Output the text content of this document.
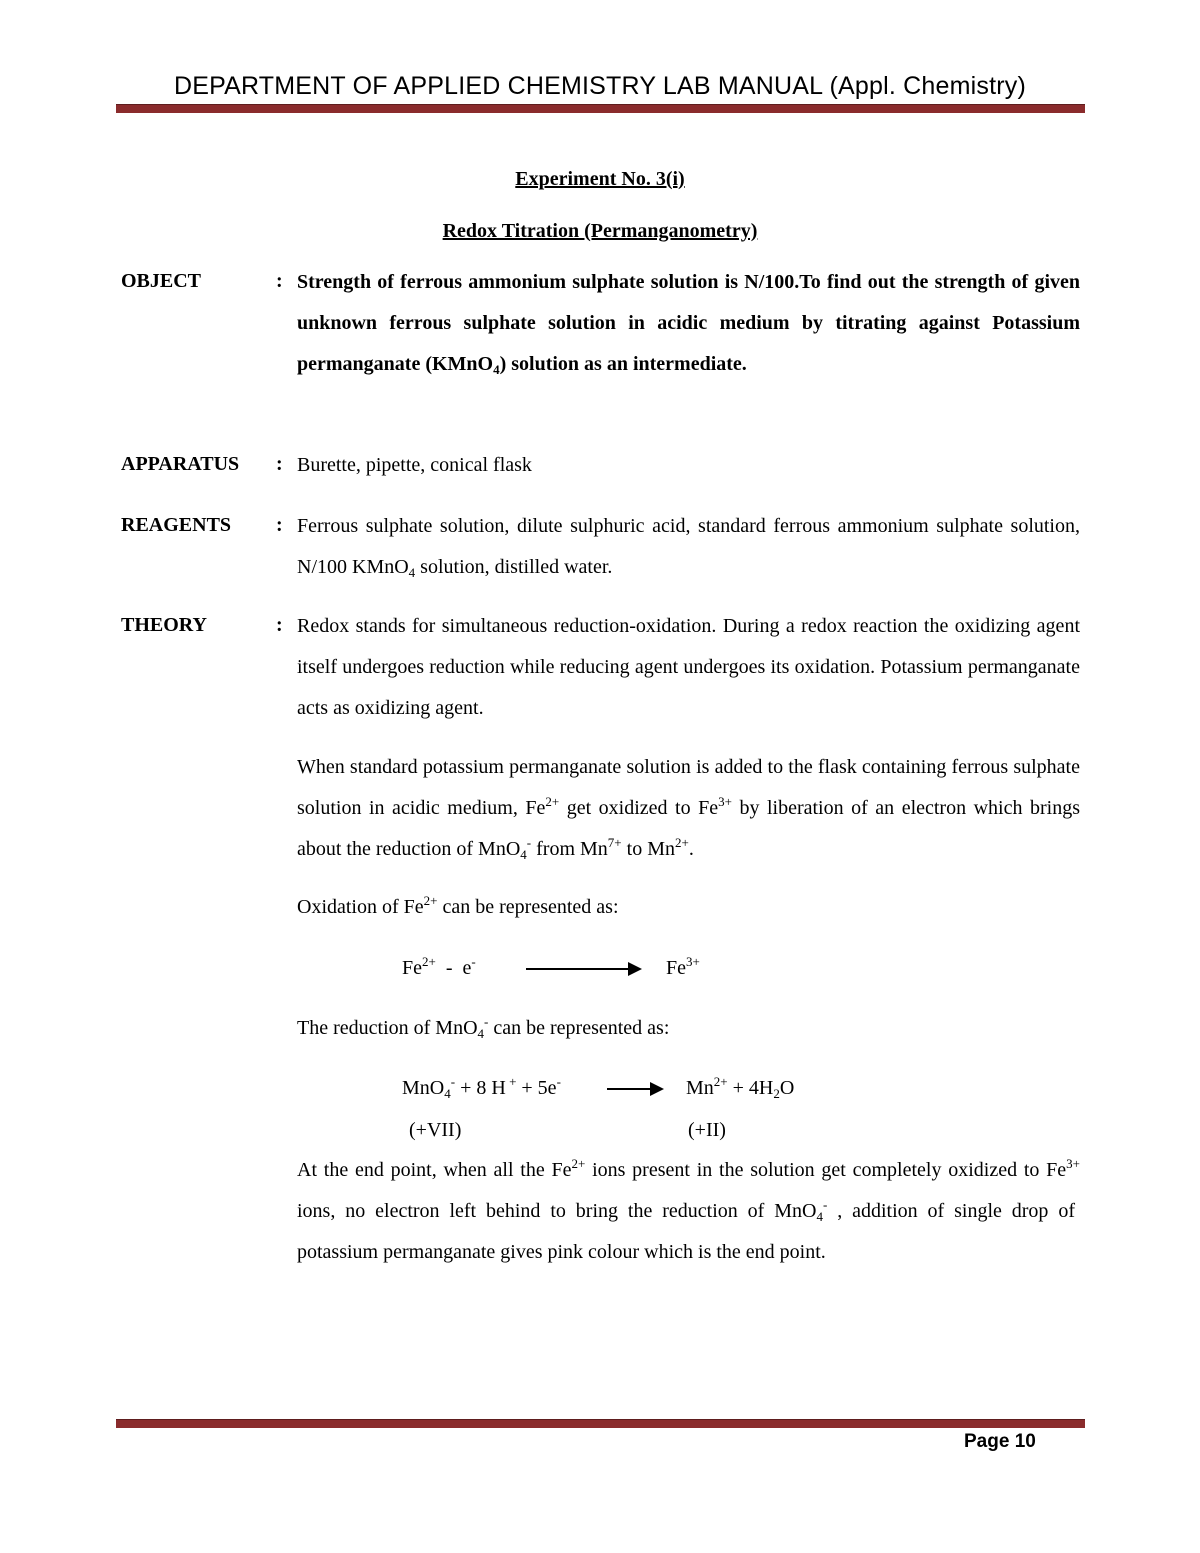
DEPARTMENT OF APPLIED CHEMISTRY LAB MANUAL (Appl. Chemistry)
Experiment No. 3(i)
Redox Titration (Permanganometry)
OBJECT	: Strength of ferrous ammonium sulphate solution is N/100.To find out the strength of given unknown ferrous sulphate solution in acidic medium by titrating against Potassium permanganate (KMnO$_4$) solution as an intermediate.
APPARATUS : Burette, pipette, conical flask
REAGENTS : Ferrous sulphate solution, dilute sulphuric acid, standard ferrous ammonium sulphate solution, N/100 KMnO$_4$ solution, distilled water.
THEORY	: Redox stands for simultaneous reduction-oxidation. During a redox reaction the oxidizing agent itself undergoes reduction while reducing agent undergoes its oxidation. Potassium permanganate acts as oxidizing agent.
When standard potassium permanganate solution is added to the flask containing ferrous sulphate solution in acidic medium, $Fe^{2+}$ get oxidized to $Fe^{3+}$ by liberation of an electron which brings about the reduction of MnO$_4$- from $Mn^{7+}$ to $Mn^{2+}$.
Oxidation of $Fe^{2+}$ can be represented as:
$Fe^{2+} - e^-$	$Fe^{3+}$
The reduction of MnO$_4$- can be represented as:
MnO$_4$- + 8 H + + 5e-	→ $Mn^{2+} + 4H_2O$
(+VII)	(+II)
At the end point, when all the $Fe^{2+}$ ions present in the solution get completely oxidized to $Fe^{3+}$ ions, no electron left behind to bring the reduction of MnO$_4$- , addition of single drop of  potassium permanganate gives pink colour which is the end point.
Page 10
